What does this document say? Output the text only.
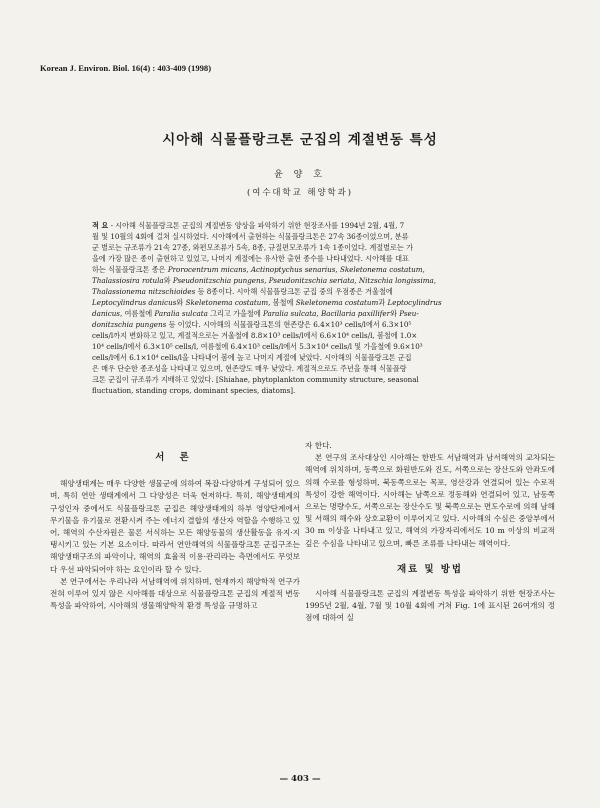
Korean J. Environ. Biol. 16(4) : 403-409 (1998)
시아해 식물플랑크톤 군집의 계절변동 특성
윤 양 호
(여수대학교 해양학과)
적 요 - 시아해 식물플랑크톤 군집의 계절변동 양상을 파악하기 위한 현장조사를 1994년 2월, 4월, 7
월 및 10월의 4회에 걸쳐 실시하였다. 시아해에서 출현하는 식물플랑크톤은 27속 36종이었으며, 분류
군 별로는 규조류가 21속 27종, 와편모조류가 5속, 8종, 규질편모조류가 1속 1종이었다. 계절별로는 가
을에 가장 많은 종이 출현하고 있었고, 나머지 계절에는 유사한 출현 종수를 나타내었다. 시아해를 대표
하는 식물플랑크톤 종은 Prorocentrum micans, Actinoptychus senarius, Skeletonema costatum,
Thalassiosira rotula와 Pseudonitzschia pungens, Pseudonitzschia seriata, Nitzschia longissima,
Thalassionema nitzschioides 등 8종이다. 시아해 식물플랑크톤 군집 중의 우점종은 겨울철에
Leptocylindrus danicus와 Skeletonema costatum, 봄철에 Skeletonema costatum과 Leptocylindrus
danicus, 여름철에 Paralia sulcata 그리고 가을철에 Paralia sulcata, Bacillaria paxillifer와 Pseu-
donitzschia pungens 등 이었다. 시아해의 식물플랑크톤의 현존량은 6.4×10³ cells/l에서 6.3×10⁵
cells/l까지 변화하고 있고, 계절적으로는 겨울철에 8.8×10³ cells/l에서 6.6×10⁴ cells/l, 봄철에 1.0×
10⁴ cells/l에서 6.3×10⁵ cells/l, 여름철에 6.4×10³ cells/l에서 5.3×10⁴ cells/l 및 가을철에 9.6×10³
cells/l에서 6.1×10⁴ cells/l을 나타내어 봄에 높고 나머지 계절에 낮았다. 시아해의 식물플랑크톤 군집
은 매우 단순한 종조성을 나타내고 있으며, 현존량도 매우 낮았다. 계절적으로도 주년을 통해 식물플랑
크톤 군집이 규조류가 지배하고 있었다. [Shiahae, phytoplankton community structure, seasonal
fluctuation, standing crops, dominant species, diatoms].
서 론

해양생태계는 매우 다양한 생물군에 의하여 복잡·다양하게 구성되어 있으며, 특히 연안 생태계에서 그 다양성은 더욱 현저하다. 특히, 해양생태계의 구성인자 중에서도 식물플랑크톤 군집은 해양생태계의 하부 영양단계에서 무기물을 유기물로 전환시켜 주는 에너지 결합의 생산자 역할을 수행하고 있어, 해역의 수산자원은 물론 서식하는 모든 해양동물의 생산활동을 유지·지탱시키고 있는 기본 요소이다. 따라서 연안해역의 식물플랑크톤 군집구조는 해양생태구조의 파악이나, 해역의 효율적 이용·관리라는 측면에서도 무엇보다 우선 파악되어야 하는 요인이라 할 수 있다.

본 연구에서는 우리나라 서남해역에 위치하며, 현재까지 해양학적 연구가 전혀 이루어 있지 않은 시아해를 대상으로 식물플랑크톤 군집의 계절적 변동특성을 파악하여, 시아해의 생물해양학적 환경 특성을 규명하고

자 한다.

본 연구의 조사대상인 시아해는 한반도 서남해역과 남서해역의 교차되는 해역에 위치하며, 동쪽으로 화원반도와 진도, 서쪽으로는 장산도와 안좌도에 의해 수로를 형성하며, 북동쪽으로는 목포, 영산강과 연결되어 있는 수로적 특성이 강한 해역이다. 시아해는 남쪽으로 정동해와 연결되어 있고, 남동쪽으로는 명량수도, 서쪽으로는 장산수도 및 북쪽으로는 면도수로에 의해 남해 및 서해의 해수와 상호교환이 이루어지고 있다. 시아해의 수심은 중앙부에서 30 m 이상을 나타내고 있고, 해역의 가장자리에서도 10 m 이상의 비교적 깊은 수심을 나타내고 있으며, 빠른 조류를 나타내는 해역이다.

재료 및 방법

시아해 식물플랑크톤 군집의 계절변동 특성을 파악하기 위한 현장조사는 1995년 2월, 4월, 7월 및 10월 4회에 거쳐 Fig. 1에 표시된 26여개의 정점에 대하여 실

— 403 —
